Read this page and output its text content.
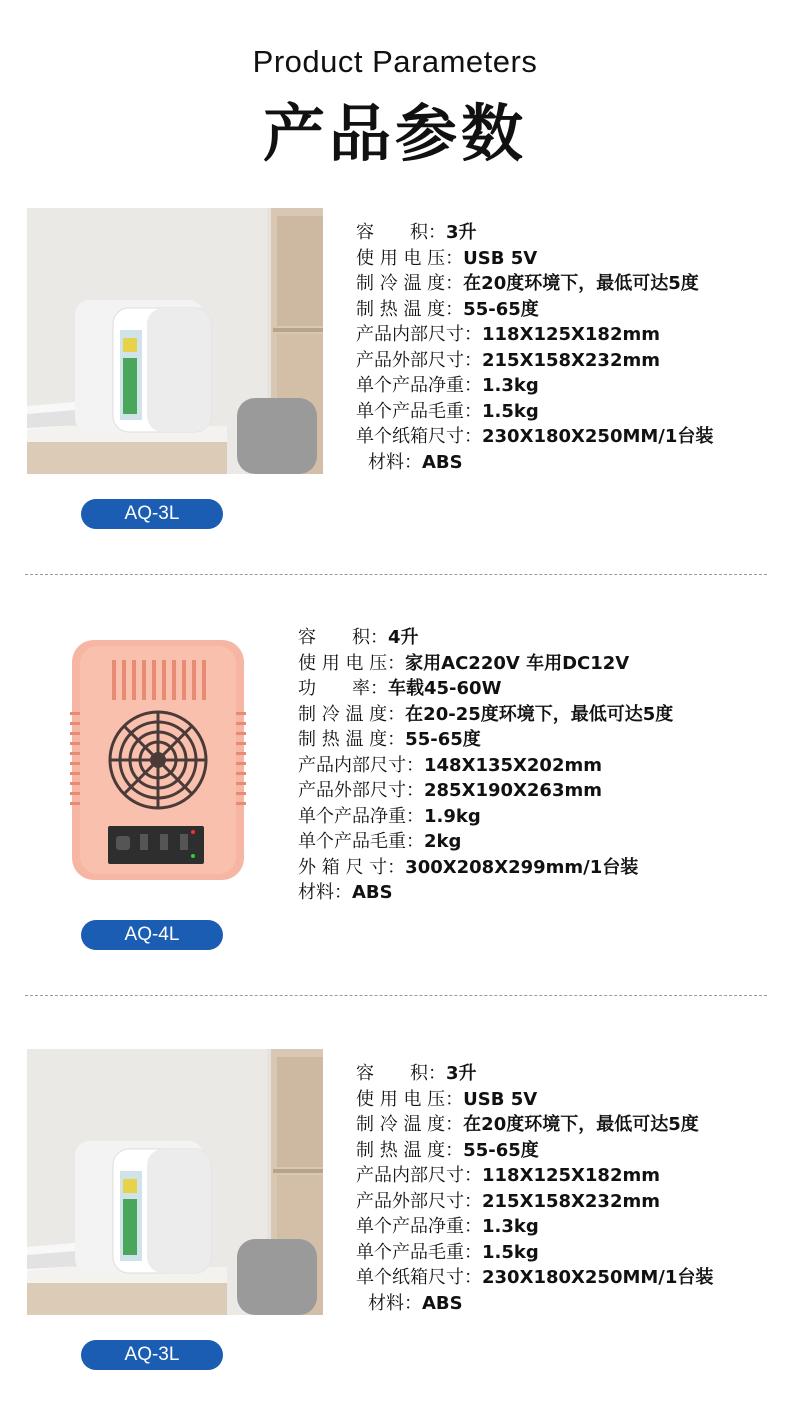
Product Parameters
产品参数
AQ-3L
容　　积：3升
使 用 电 压：USB 5V
制 冷 温 度：在20度环境下，最低可达5度
制 热 温 度：55-65度
产品内部尺寸：118X125X182mm
产品外部尺寸：215X158X232mm
单个产品净重：1.3kg
单个产品毛重：1.5kg
单个纸箱尺寸：230X180X250MM/1台装
材料：ABS
AQ-4L
容　　积：4升
使 用 电 压：家用AC220V 车用DC12V
功　　率：车载45-60W
制 冷 温 度：在20-25度环境下，最低可达5度
制 热 温 度：55-65度
产品内部尺寸：148X135X202mm
产品外部尺寸：285X190X263mm
单个产品净重：1.9kg
单个产品毛重：2kg
外 箱 尺 寸：300X208X299mm/1台装
材料：ABS
AQ-3L
容　　积：3升
使 用 电 压：USB 5V
制 冷 温 度：在20度环境下，最低可达5度
制 热 温 度：55-65度
产品内部尺寸：118X125X182mm
产品外部尺寸：215X158X232mm
单个产品净重：1.3kg
单个产品毛重：1.5kg
单个纸箱尺寸：230X180X250MM/1台装
材料：ABS
